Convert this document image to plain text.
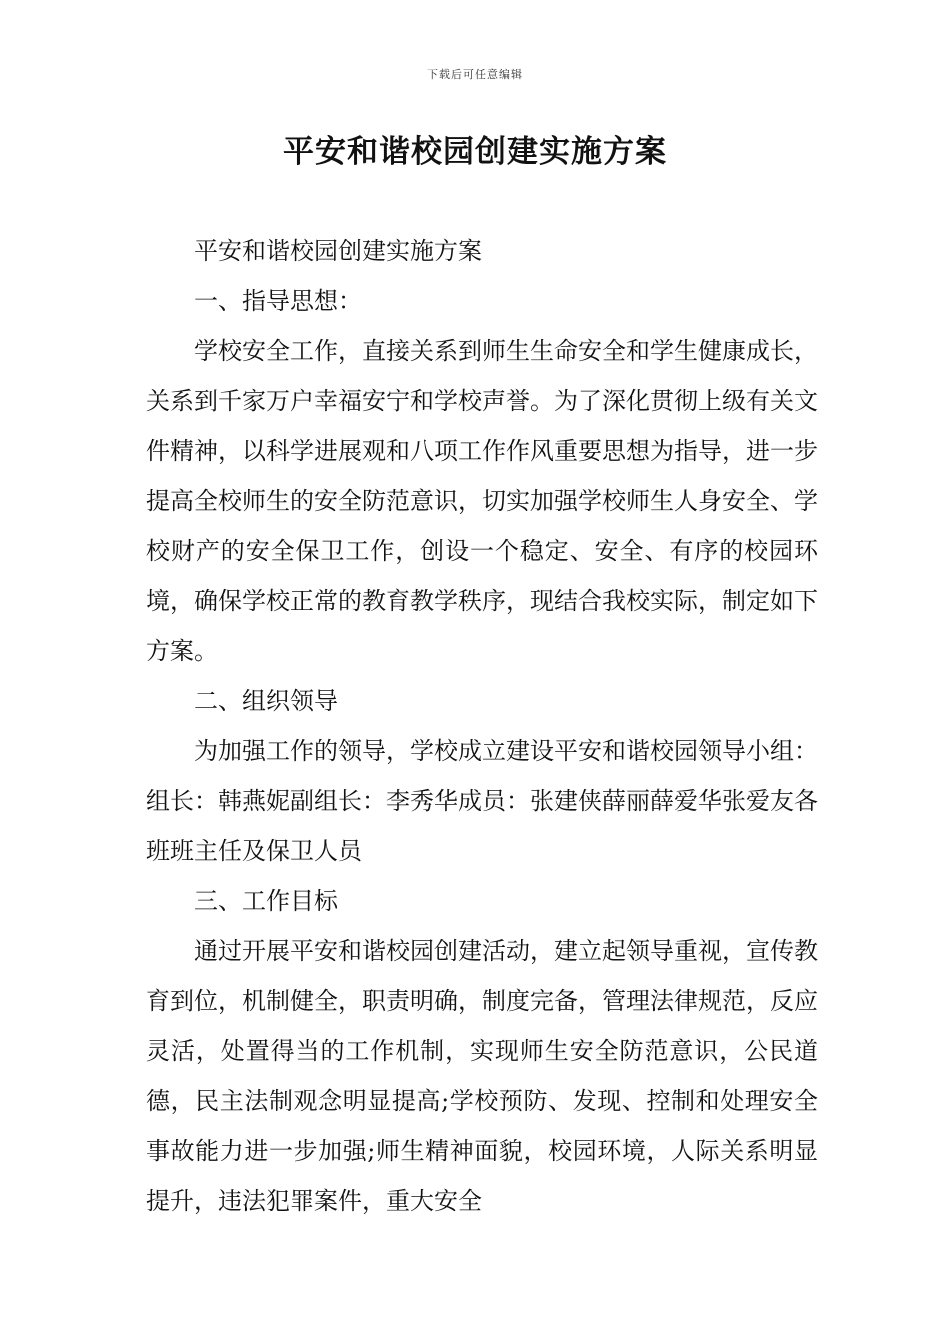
下载后可任意编辑
平安和谐校园创建实施方案

平安和谐校园创建实施方案

一、指导思想：

学校安全工作，直接关系到师生生命安全和学生健康成长，关系到千家万户幸福安宁和学校声誉。为了深化贯彻上级有关文件精神，以科学进展观和八项工作作风重要思想为指导，进一步提高全校师生的安全防范意识，切实加强学校师生人身安全、学校财产的安全保卫工作，创设一个稳定、安全、有序的校园环境，确保学校正常的教育教学秩序，现结合我校实际，制定如下方案。

二、组织领导

为加强工作的领导，学校成立建设平安和谐校园领导小组：组长：韩燕妮副组长：李秀华成员：张建侠薛丽薛爱华张爱友各班班主任及保卫人员

三、工作目标

通过开展平安和谐校园创建活动，建立起领导重视，宣传教育到位，机制健全，职责明确，制度完备，管理法律规范，反应灵活，处置得当的工作机制，实现师生安全防范意识，公民道德，民主法制观念明显提高;学校预防、发现、控制和处理安全事故能力进一步加强;师生精神面貌，校园环境，人际关系明显提升，违法犯罪案件，重大安全
